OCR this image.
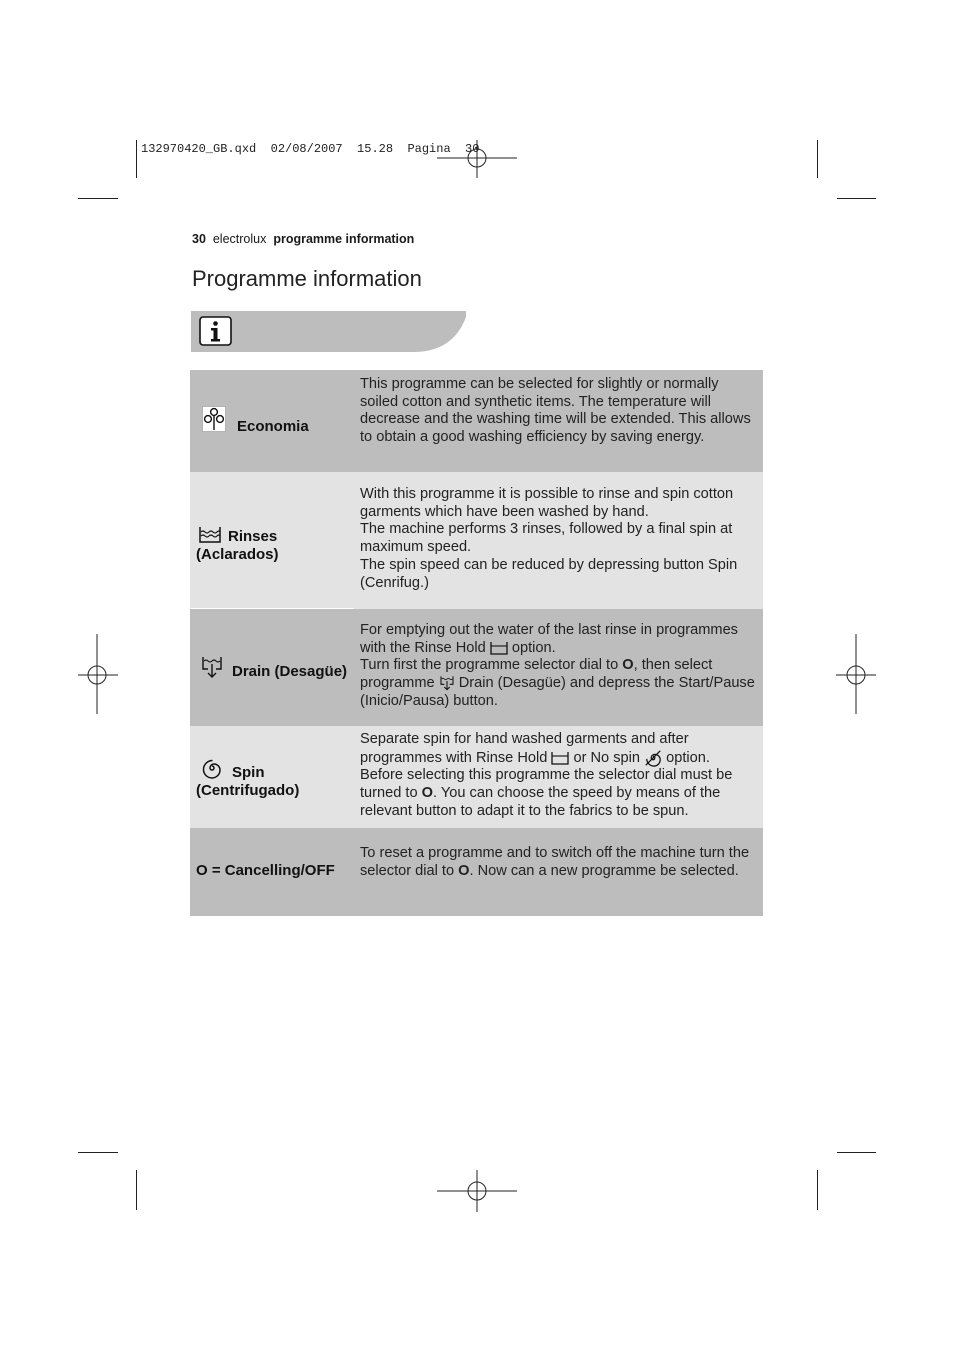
132970420_GB.qxd  02/08/2007  15.28  Pagina  30
30 electrolux programme information
Programme information
Economia
This programme can be selected for slightly or normally soiled cotton and synthetic items. The temperature will decrease and the washing time will be extended. This allows to obtain a good washing efficiency by saving energy.
Rinses
(Aclarados)
With this programme it is possible to rinse and spin cotton garments which have been washed by hand.
The machine performs 3 rinses, followed by a final spin at maximum speed.
The spin speed can be reduced by depressing button Spin (Cenrifug.)
Drain (Desagüe)
For emptying out the water of the last rinse in programmes with the Rinse Hold option.
Turn first the programme selector dial to O, then select programme Drain (Desagüe) and depress the Start/Pause (Inicio/Pausa) button.
Spin
(Centrifugado)
Separate spin for hand washed garments and after programmes with Rinse Hold or No spin option.
Before selecting this programme the selector dial must be turned to O. You can choose the speed by means of the relevant button to adapt it to the fabrics to be spun.
O = Cancelling/OFF
To reset a programme and to switch off the machine turn the selector dial to O. Now can a new programme be selected.
